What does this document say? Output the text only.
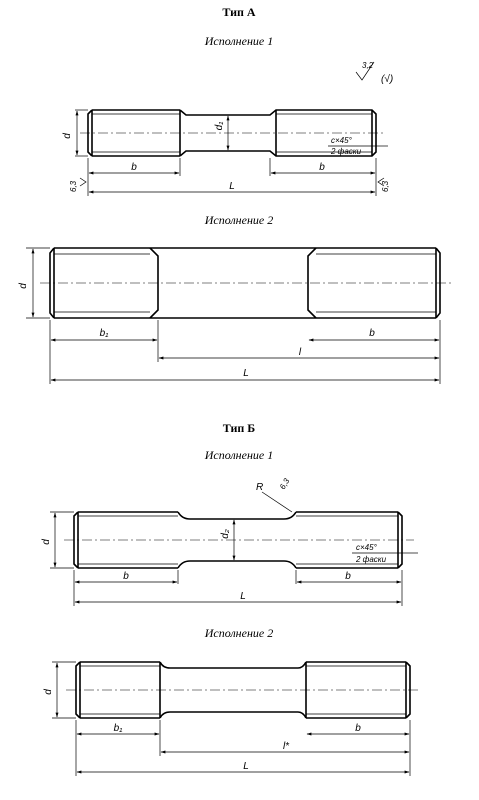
Тип А
Исполнение 1
3,2
(√)
d
d₁
c×45°
2 фаски
b	b
L
6,3	6,3
Исполнение 2
d
b₁	b
l
L
Тип Б
Исполнение 1
R 6,3
d
d₂
c×45°
2 фаски
b	b
L
Исполнение 2
d
b₁	b
l*
L
